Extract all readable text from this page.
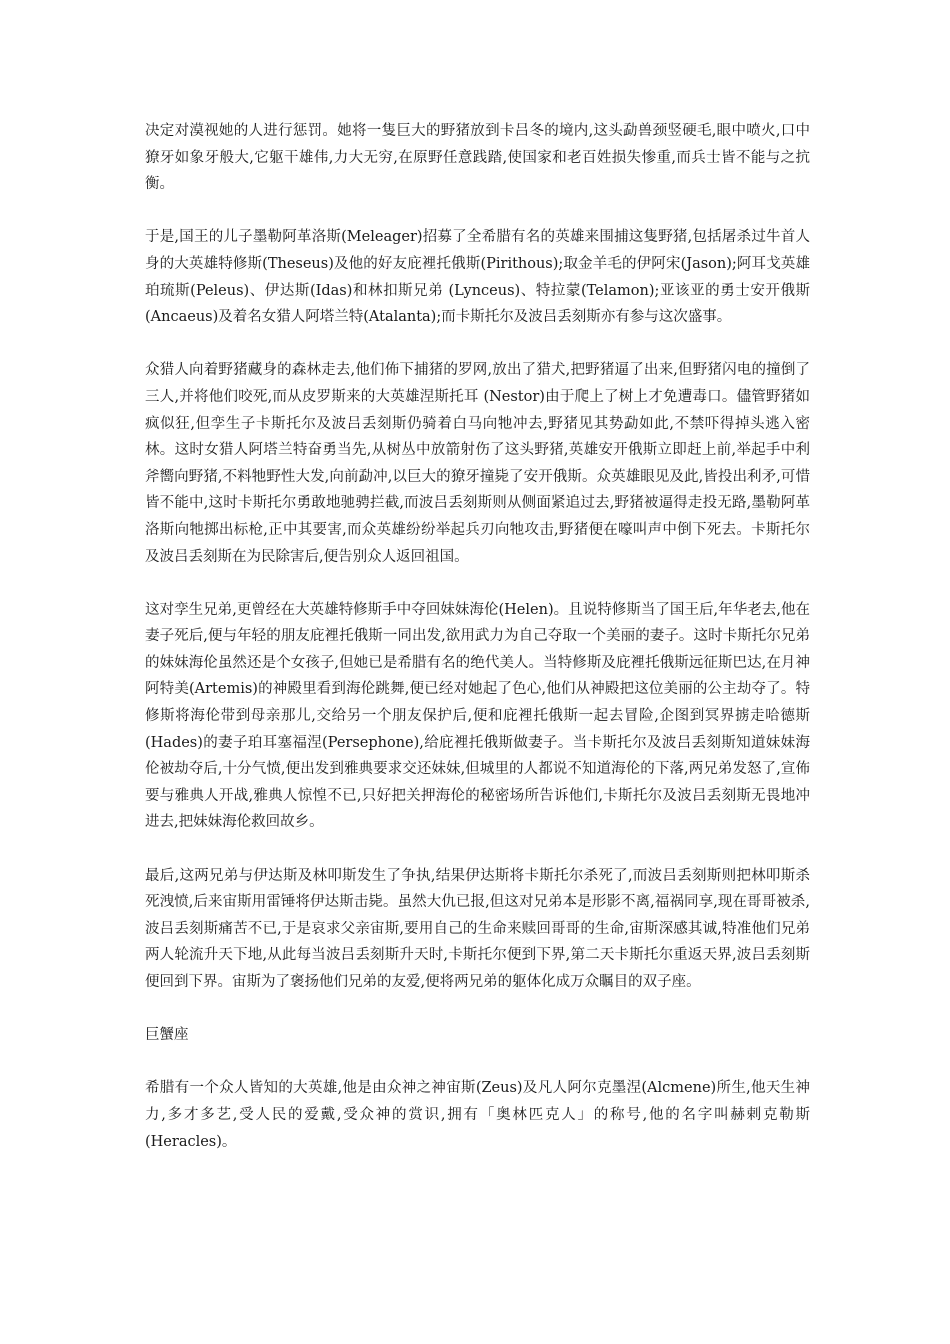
决定对漠视她的人进行惩罚。她将一隻巨大的野猪放到卡吕冬的境内,这头勐兽颈竖硬毛,眼中喷火,口中獠牙如象牙般大,它躯干雄伟,力大无穷,在原野任意践踏,使国家和老百姓损失惨重,而兵士皆不能与之抗衡。

于是,国王的儿子墨勒阿革洛斯(Meleager)招募了全希腊有名的英雄来围捕这隻野猪,包括屠杀过牛首人身的大英雄特修斯(Theseus)及他的好友庇裡托俄斯(Pirithous);取金羊毛的伊阿宋(Jason);阿耳戈英雄珀琉斯(Peleus)、伊达斯(Idas)和林扣斯兄弟 (Lynceus)、特拉蒙(Telamon);亚该亚的勇士安开俄斯(Ancaeus)及着名女猎人阿塔兰特(Atalanta);而卡斯托尔及波吕丢刻斯亦有参与这次盛事。

众猎人向着野猪藏身的森林走去,他们佈下捕猪的罗网,放出了猎犬,把野猪逼了出来,但野猪闪电的撞倒了三人,并将他们咬死,而从皮罗斯来的大英雄涅斯托耳 (Nestor)由于爬上了树上才免遭毒口。儘管野猪如疯似狂,但孪生子卡斯托尔及波吕丢刻斯仍骑着白马向牠冲去,野猪见其势勐如此,不禁吓得掉头逃入密林。这时女猎人阿塔兰特奋勇当先,从树丛中放箭射伤了这头野猪,英雄安开俄斯立即赶上前,举起手中利斧嚮向野猪,不料牠野性大发,向前勐冲,以巨大的獠牙撞毙了安开俄斯。众英雄眼见及此,皆投出利矛,可惜皆不能中,这时卡斯托尔勇敢地驰骋拦截,而波吕丢刻斯则从侧面紧追过去,野猪被逼得走投无路,墨勒阿革洛斯向牠掷出标枪,正中其要害,而众英雄纷纷举起兵刃向牠攻击,野猪便在嚎叫声中倒下死去。卡斯托尔及波吕丢刻斯在为民除害后,便告别众人返回祖国。

这对孪生兄弟,更曾经在大英雄特修斯手中夺回妹妹海伦(Helen)。且说特修斯当了国王后,年华老去,他在妻子死后,便与年轻的朋友庇裡托俄斯一同出发,欲用武力为自己夺取一个美丽的妻子。这时卡斯托尔兄弟的妹妹海伦虽然还是个女孩子,但她已是希腊有名的绝代美人。当特修斯及庇裡托俄斯远征斯巴达,在月神阿特美(Artemis)的神殿里看到海伦跳舞,便已经对她起了色心,他们从神殿把这位美丽的公主劫夺了。特修斯将海伦带到母亲那儿,交给另一个朋友保护后,便和庇裡托俄斯一起去冒险,企图到冥界掳走哈德斯(Hades)的妻子珀耳塞福涅(Persephone),给庇裡托俄斯做妻子。当卡斯托尔及波吕丢刻斯知道妹妹海伦被劫夺后,十分气愤,便出发到雅典要求交还妹妹,但城里的人都说不知道海伦的下落,两兄弟发怒了,宣佈要与雅典人开战,雅典人惊惶不已,只好把关押海伦的秘密场所告诉他们,卡斯托尔及波吕丢刻斯无畏地冲进去,把妹妹海伦救回故乡。

最后,这两兄弟与伊达斯及林叩斯发生了争执,结果伊达斯将卡斯托尔杀死了,而波吕丢刻斯则把林叩斯杀死洩愤,后来宙斯用雷锤将伊达斯击毙。虽然大仇已报,但这对兄弟本是形影不离,福祸同享,现在哥哥被杀,波吕丢刻斯痛苦不已,于是哀求父亲宙斯,要用自己的生命来赎回哥哥的生命,宙斯深感其诚,特准他们兄弟两人轮流升天下地,从此每当波吕丢刻斯升天时,卡斯托尔便到下界,第二天卡斯托尔重返天界,波吕丢刻斯便回到下界。宙斯为了褒扬他们兄弟的友爱,便将两兄弟的躯体化成万众瞩目的双子座。

巨蟹座

希腊有一个众人皆知的大英雄,他是由众神之神宙斯(Zeus)及凡人阿尔克墨涅(Alcmene)所生,他天生神力,多才多艺,受人民的爱戴,受众神的赏识,拥有「奥林匹克人」的称号,他的名字叫赫剌克勒斯(Heracles)。
